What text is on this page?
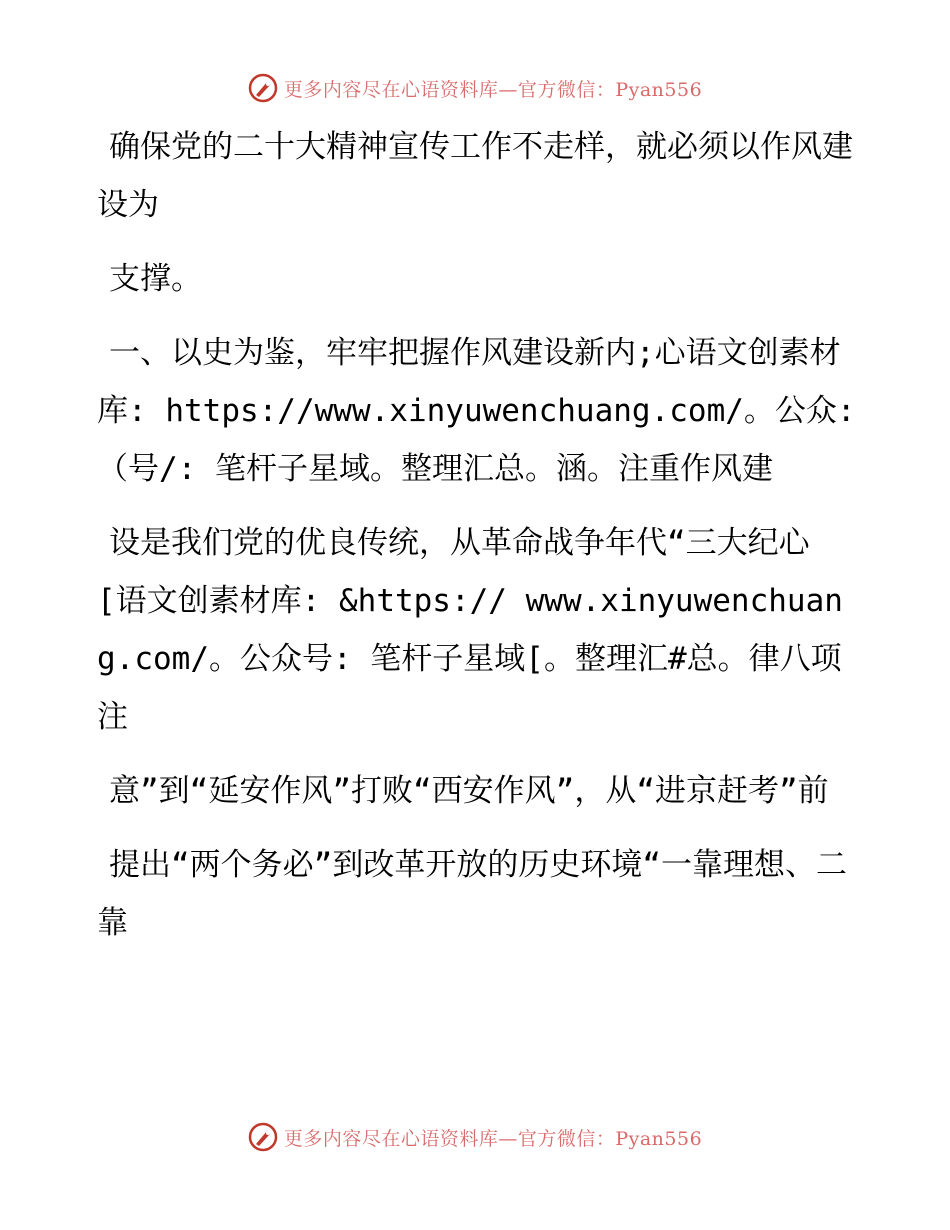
更多内容尽在心语资料库—官方微信：Pyan556

确保党的二十大精神宣传工作不走样，就必须以作风建设为

支撑。

一、以史为鉴，牢牢把握作风建设新内;心语文创素材库: https://www.xinyuwenchuang.com/。公众:（号/: 笔杆子星域。整理汇总。涵。注重作风建

设是我们党的优良传统，从革命战争年代“三大纪心[语文创素材库: &https:// www.xinyuwenchuang.com/。公众号: 笔杆子星域[。整理汇#总。律八项注

意”到“延安作风”打败“西安作风”，从“进京赶考”前

提出“两个务必”到改革开放的历史环境“一靠理想、二靠

更多内容尽在心语资料库—官方微信：Pyan556
